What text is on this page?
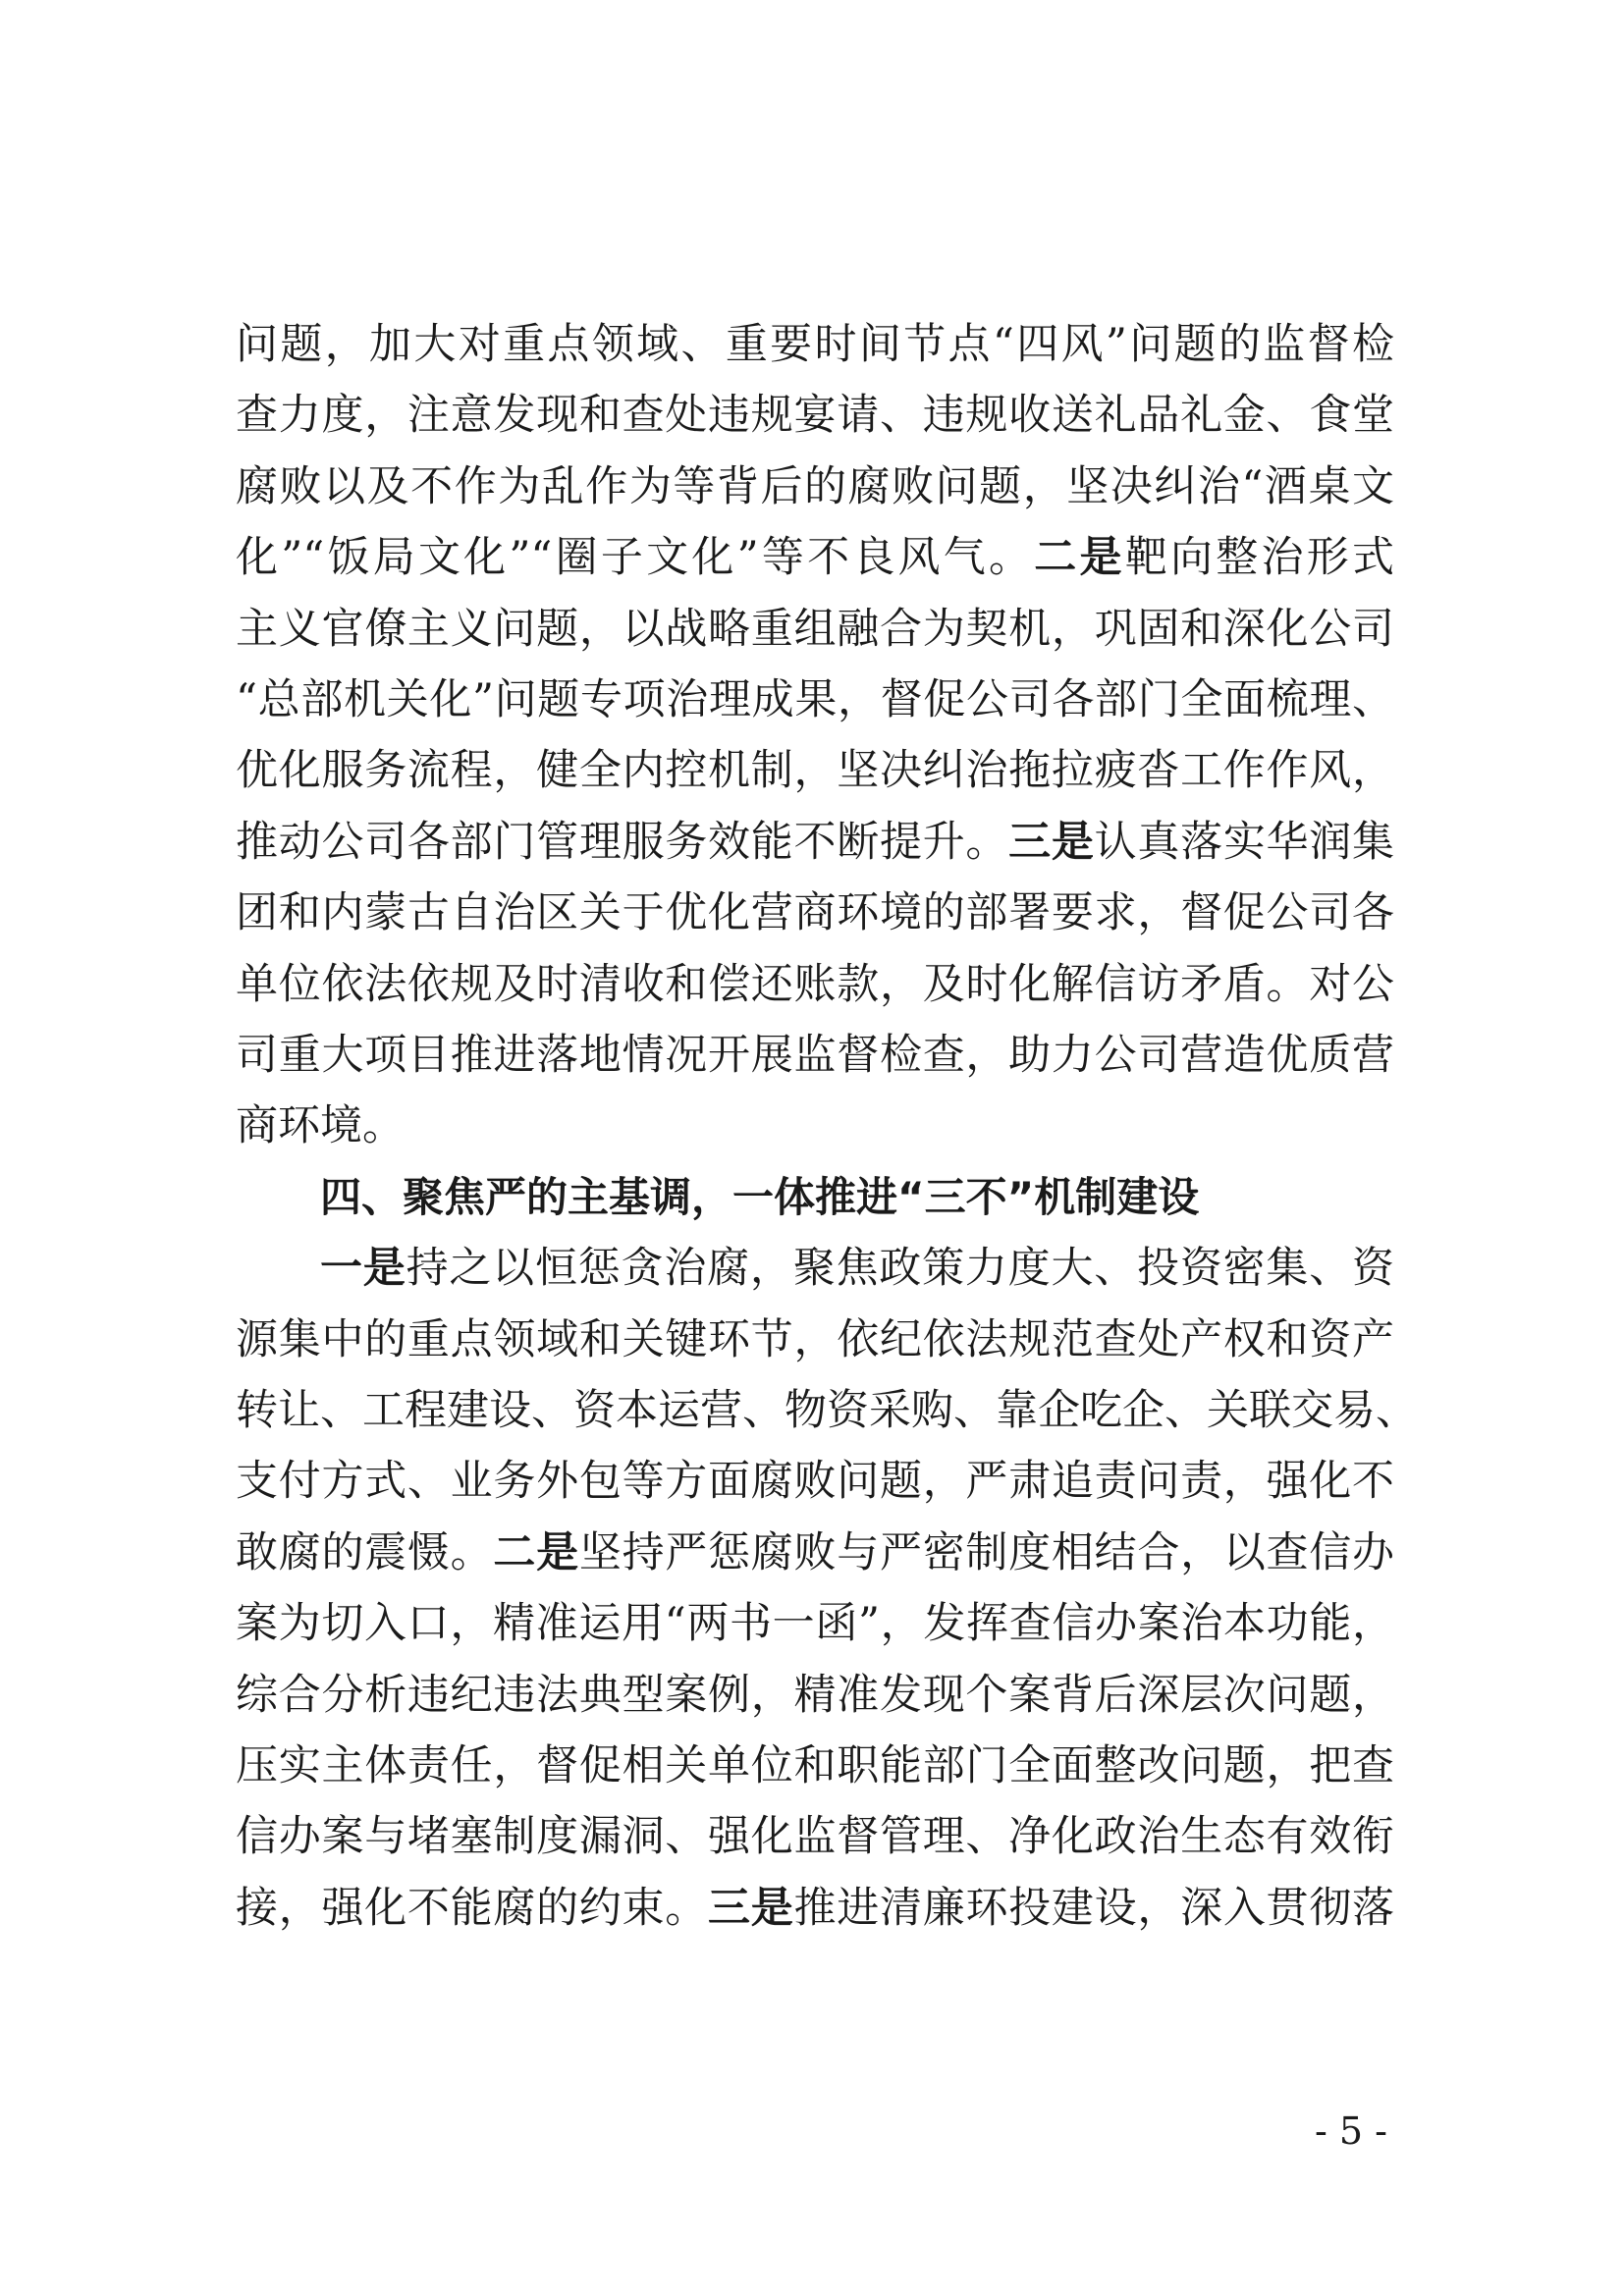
问题，加大对重点领域、重要时间节点“四风”问题的监督检
查力度，注意发现和查处违规宴请、违规收送礼品礼金、食堂
腐败以及不作为乱作为等背后的腐败问题，坚决纠治“酒桌文
化”“饭局文化”“圈子文化”等不良风气。二是靶向整治形式
主义官僚主义问题，以战略重组融合为契机，巩固和深化公司
“总部机关化”问题专项治理成果，督促公司各部门全面梳理、
优化服务流程，健全内控机制，坚决纠治拖拉疲沓工作作风，
推动公司各部门管理服务效能不断提升。三是认真落实华润集
团和内蒙古自治区关于优化营商环境的部署要求，督促公司各
单位依法依规及时清收和偿还账款，及时化解信访矛盾。对公
司重大项目推进落地情况开展监督检查，助力公司营造优质营
商环境。
四、聚焦严的主基调，一体推进“三不”机制建设
一是持之以恒惩贪治腐，聚焦政策力度大、投资密集、资
源集中的重点领域和关键环节，依纪依法规范查处产权和资产
转让、工程建设、资本运营、物资采购、靠企吃企、关联交易、
支付方式、业务外包等方面腐败问题，严肃追责问责，强化不
敢腐的震慑。二是坚持严惩腐败与严密制度相结合，以查信办
案为切入口，精准运用“两书一函”，发挥查信办案治本功能，
综合分析违纪违法典型案例，精准发现个案背后深层次问题，
压实主体责任，督促相关单位和职能部门全面整改问题，把查
信办案与堵塞制度漏洞、强化监督管理、净化政治生态有效衔
接，强化不能腐的约束。三是推进清廉环投建设，深入贯彻落
- 5 -
